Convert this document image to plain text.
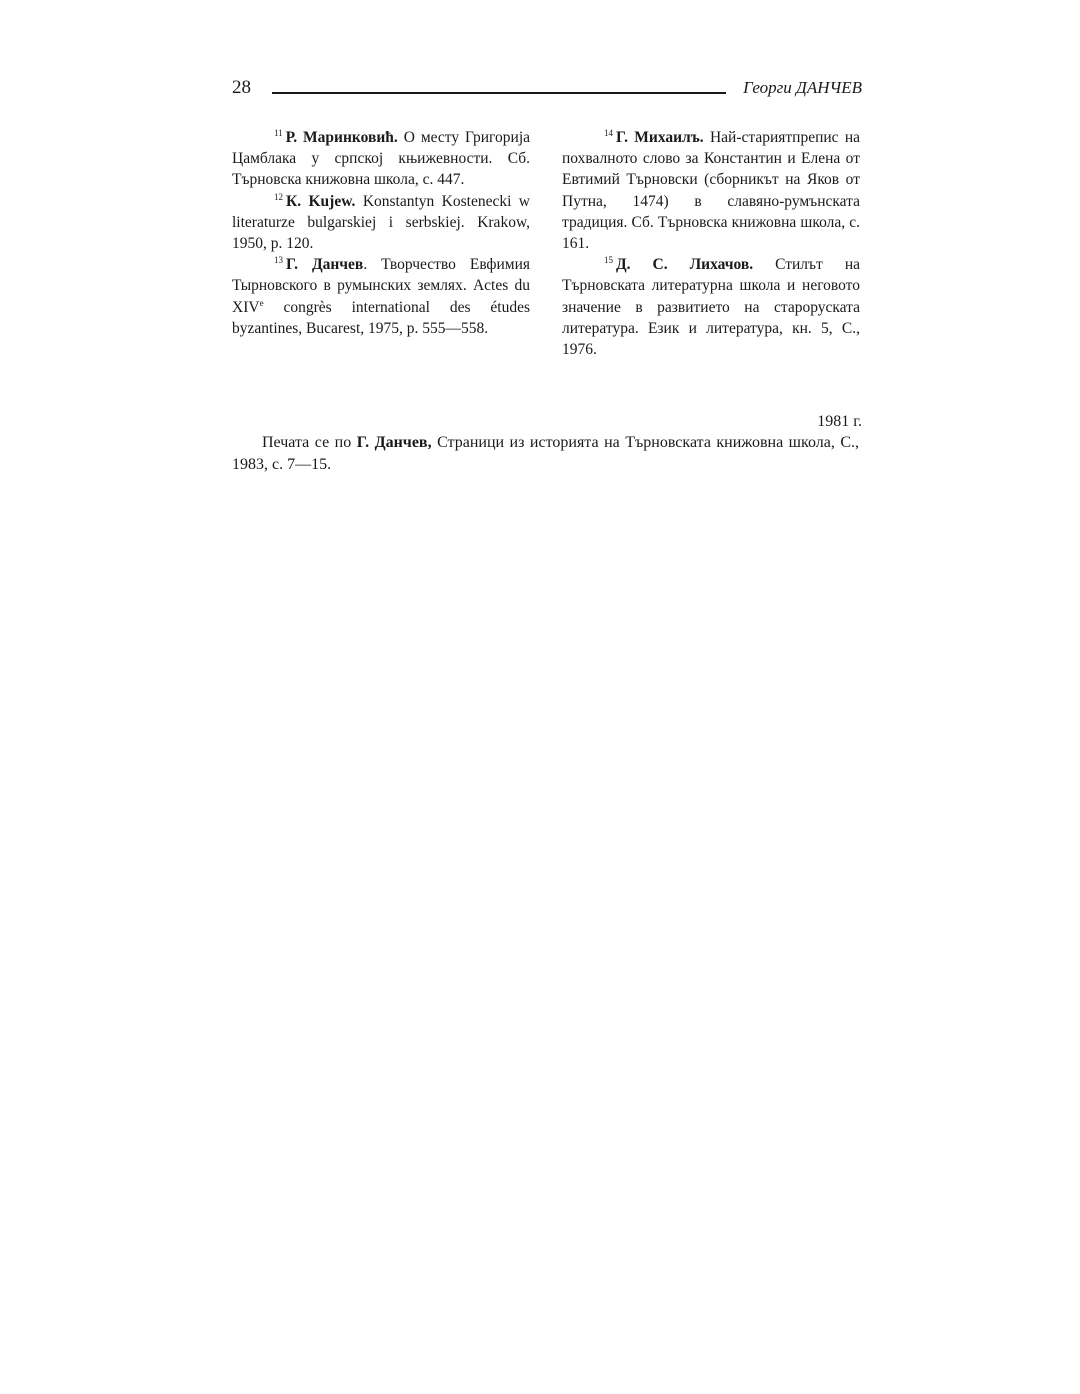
28	Георги ДАНЧЕВ

$^{11}$ Р. Маринковић. О месту Григорија Цамблака у српској књижевности. Сб. Търновска книжовна школа, с. 447.

$^{12}$ К. Kujew. Konstantyn Kostenecki w literaturze bulgarskiej i serbskiej. Krakow, 1950, p. 120.

$^{13}$ Г. Данчев. Творчество Евфимия Тырновского в румынских землях. Actes du XIVe congrès international des études byzantines, Bucarest, 1975, p. 555—558.

$^{14}$ Г. Михаилъ. Най-стариятпрепис на похвалното слово за Константин и Елена от Евтимий Търновски (сборникът на Яков от Путна, 1474) в славяно-румънската традиция. Сб. Търновска книжовна школа, с. 161.

$^{15}$ Д. С. Лихачов. Стилът на Търновската литературна школа и неговото значение в развитието на староруската литература. Език и литература, кн. 5, С., 1976.

1981 г.

Печата се по Г. Данчев, Страници из историята на Търновската книжовна школа, С., 1983, с. 7—15.
